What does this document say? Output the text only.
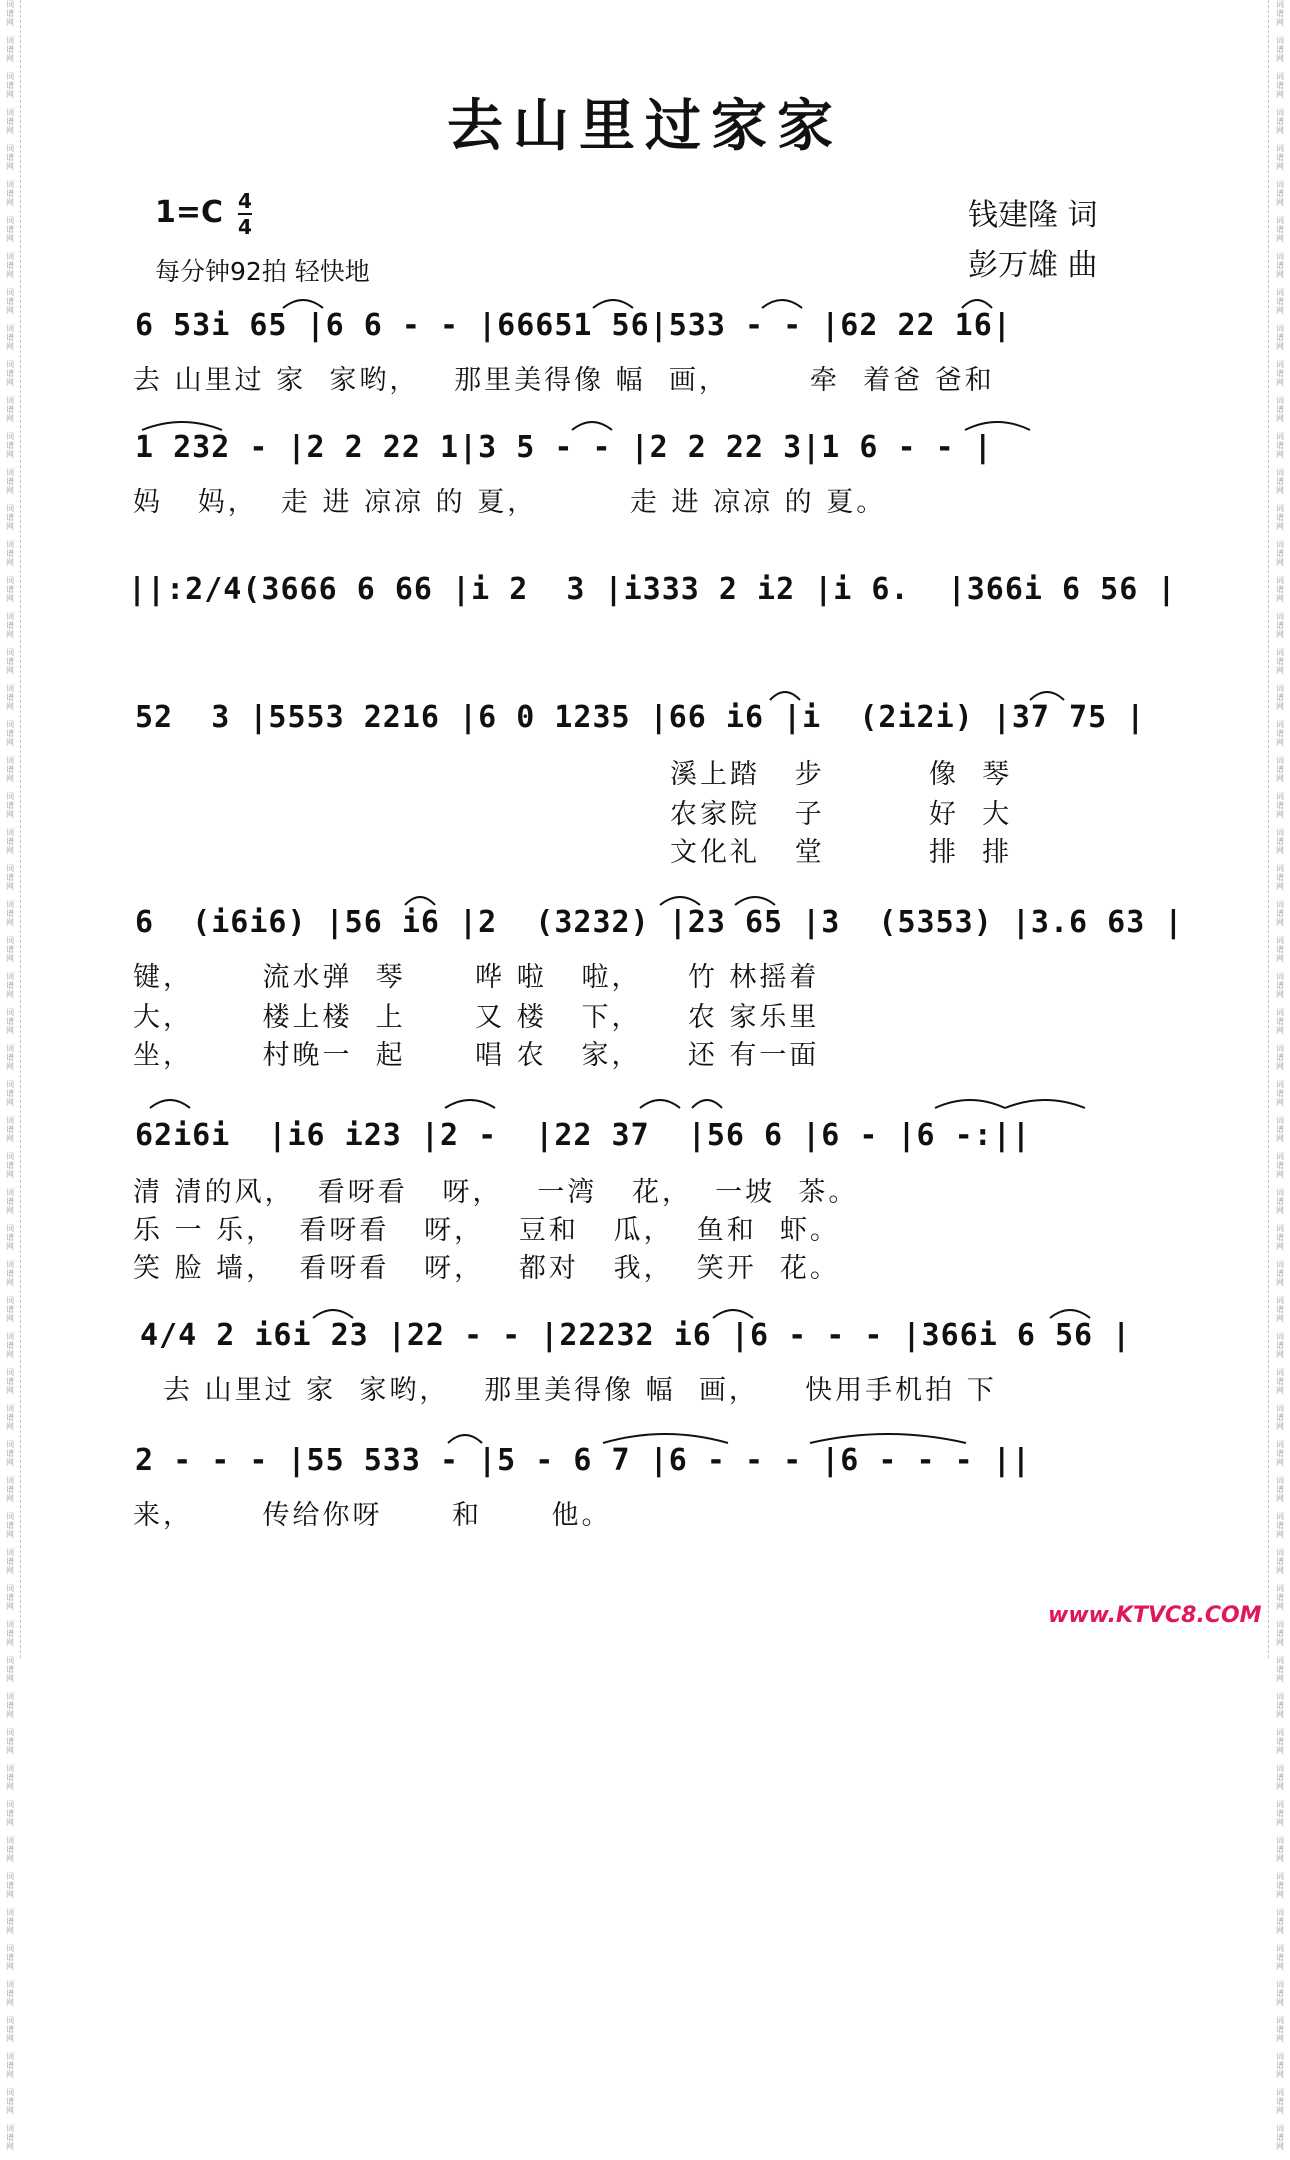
词
谱
网

词
谱
网

词
谱
网

词
谱
网

词
谱
网

词
谱
网

词
谱
网

词
谱
网

词
谱
网

词
谱
网

词
谱
网

词
谱
网

词
谱
网

词
谱
网

词
谱
网

词
谱
网

词
谱
网

词
谱
网

词
谱
网

词
谱
网

词
谱
网

词
谱
网

词
谱
网

词
谱
网

词
谱
网

词
谱
网

词
谱
网

词
谱
网

词
谱
网

词
谱
网

词
谱
网

词
谱
网

词
谱
网

词
谱
网

词
谱
网

词
谱
网

词
谱
网

词
谱
网

词
谱
网

词
谱
网

词
谱
网

词
谱
网

词
谱
网

词
谱
网

词
谱
网

词
谱
网

词
谱
网

词
谱
网

词
谱
网

词
谱
网

词
谱
网

词
谱
网

词
谱
网

词
谱
网

词
谱
网

词
谱
网

词
谱
网

词
谱
网

词
谱
网

词
谱
网

词
谱
网

词
谱
网

词
谱
网

词
谱
网

词
谱
网

词
谱
网

词
谱
网

词
谱
网

词
谱
网

词
谱
网

词
谱
网

词
谱
网

词
谱
网

词
谱
网

词
谱
网

词
谱
网

词
谱
网

词
谱
网

词
谱
网

词
谱
网

词
谱
网

词
谱
网

词
谱
网

词
谱
网

词
谱
网

词
谱
网

词
谱
网

词
谱
网

词
谱
网

词
谱
网

词
谱
网

词
谱
网

词
谱
网

词
谱
网

词
谱
网

词
谱
网

词
谱
网

词
谱
网

词
谱
网

词
谱
网

词
谱
网

词
谱
网

词
谱
网

词
谱
网

词
谱
网

词
谱
网

词
谱
网

词
谱
网

词
谱
网

词
谱
网

词
谱
网

词
谱
网

词
谱
网

词
谱
网

词
谱
网

词
谱
网

词
谱
网

词
谱
网

词
谱
网

词
谱
网

去山里过家家
1=C 4
4
每分钟92拍 轻快地
钱建隆 词
彭万雄 曲
6 53i 65 |6 6 - - |66651 56|533 - - |62 22 16|
去 山里过 家  家哟，   那里美得像 幅  画，       牵  着爸 爸和
1 232 - |2 2 22 1|3 5 - - |2 2 22 3|1 6 - - |
妈   妈，  走 进 凉凉 的 夏，        走 进 凉凉 的 夏。
||:2/4(3666 6 66 |i 2  3 |i333 2 i2 |i 6.  |366i 6 56 |
52  3 |5553 2216 |6 0 1235 |66 i6 |i  (2i2i) |37 75 |
溪上踏   步         像  琴
农家院   子         好  大
文化礼   堂         排  排
6  (i6i6) |56 i6 |2  (3232) |23 65 |3  (5353) |3.6 63 |
键，      流水弹  琴      哗 啦   啦，    竹 林摇着
大，      楼上楼  上      又 楼   下，    农 家乐里
坐，      村晚一  起      唱 农   家，    还 有一面
62i6i  |i6 i23 |2 -  |22 37  |56 6 |6 - |6 -:||
清 清的风，  看呀看   呀，   一湾   花，  一坡  茶。
乐 一 乐，  看呀看   呀，   豆和   瓜，  鱼和  虾。
笑 脸 墙，  看呀看   呀，   都对   我，  笑开  花。
4/4 2 i6i 23 |22 - - |22232 i6 |6 - - - |366i 6 56 |
去 山里过 家  家哟，   那里美得像 幅  画，    快用手机拍 下
2 - - - |55 533 - |5 - 6 7 |6 - - - |6 - - - ||
来，      传给你呀      和      他。
www.KTVC8.COM
